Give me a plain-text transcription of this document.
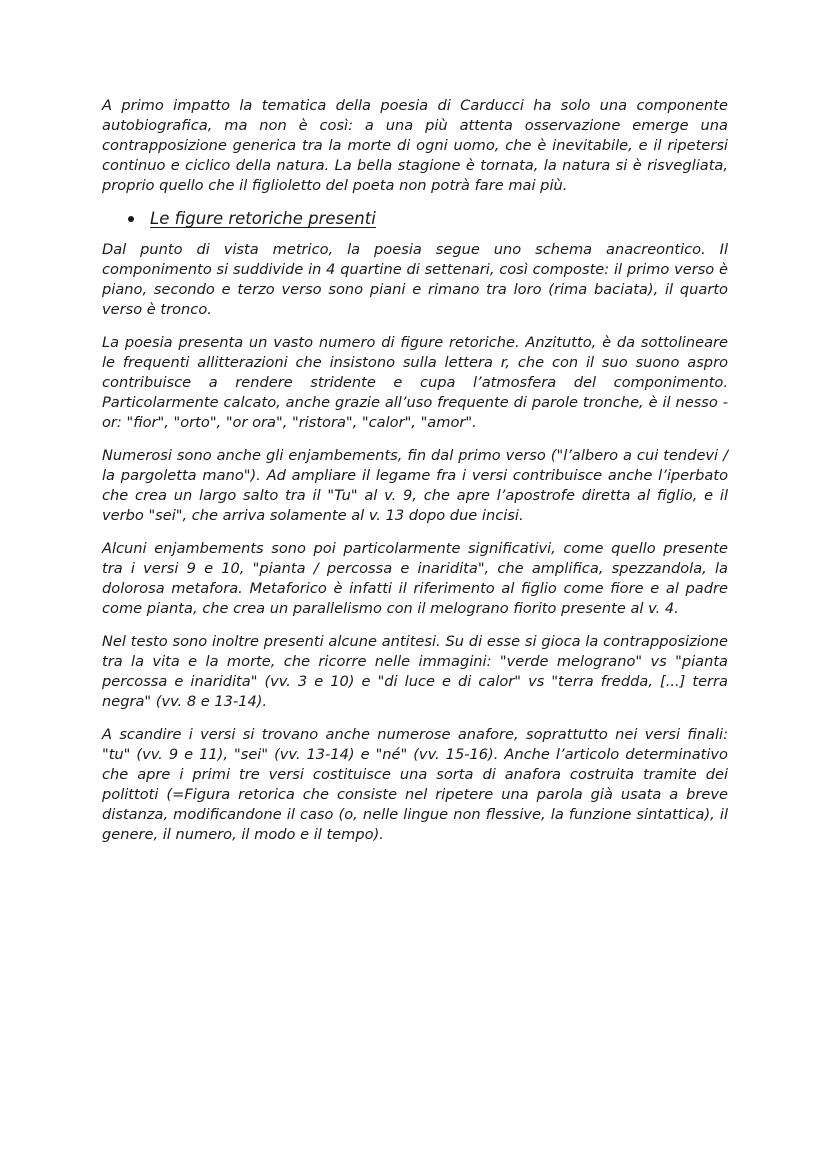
A primo impatto la tematica della poesia di Carducci ha solo una componente autobiografica, ma non è così: a una più attenta osservazione emerge una contrapposizione generica tra la morte di ogni uomo, che è inevitabile, e il ripetersi continuo e ciclico della natura. La bella stagione è tornata, la natura si è risvegliata, proprio quello che il figlioletto del poeta non potrà fare mai più.

Le figure retoriche presenti

Dal punto di vista metrico, la poesia segue uno schema anacreontico. Il componimento si suddivide in 4 quartine di settenari, così composte: il primo verso è piano, secondo e terzo verso sono piani e rimano tra loro (rima baciata), il quarto verso è tronco.

La poesia presenta un vasto numero di figure retoriche. Anzitutto, è da sottolineare le frequenti allitterazioni che insistono sulla lettera r, che con il suo suono aspro contribuisce a rendere stridente e cupa l’atmosfera del componimento. Particolarmente calcato, anche grazie all’uso frequente di parole tronche, è il nesso -or: "fior", "orto", "or ora", "ristora", "calor", "amor".

Numerosi sono anche gli enjambements, fin dal primo verso ("l’albero a cui tendevi / la pargoletta mano"). Ad ampliare il legame fra i versi contribuisce anche l’iperbato che crea un largo salto tra il "Tu" al v. 9, che apre l’apostrofe diretta al figlio, e il verbo "sei", che arriva solamente al v. 13 dopo due incisi.

Alcuni enjambements sono poi particolarmente significativi, come quello presente tra i versi 9 e 10, "pianta / percossa e inaridita", che amplifica, spezzandola, la dolorosa metafora. Metaforico è infatti il riferimento al figlio come fiore e al padre come pianta, che crea un parallelismo con il melograno fiorito presente al v. 4.

Nel testo sono inoltre presenti alcune antitesi. Su di esse si gioca la contrapposizione tra la vita e la morte, che ricorre nelle immagini: "verde melograno" vs "pianta percossa e inaridita" (vv. 3 e 10) e "di luce e di calor" vs "terra fredda, [...] terra negra" (vv. 8 e 13-14).

A scandire i versi si trovano anche numerose anafore, soprattutto nei versi finali: "tu" (vv. 9 e 11), "sei" (vv. 13-14) e "né" (vv. 15-16). Anche l’articolo determinativo che apre i primi tre versi costituisce una sorta di anafora costruita tramite dei polittoti (=Figura retorica che consiste nel ripetere una parola già usata a breve distanza, modificandone il caso (o, nelle lingue non flessive, la funzione sintattica), il genere, il numero, il modo e il tempo).
